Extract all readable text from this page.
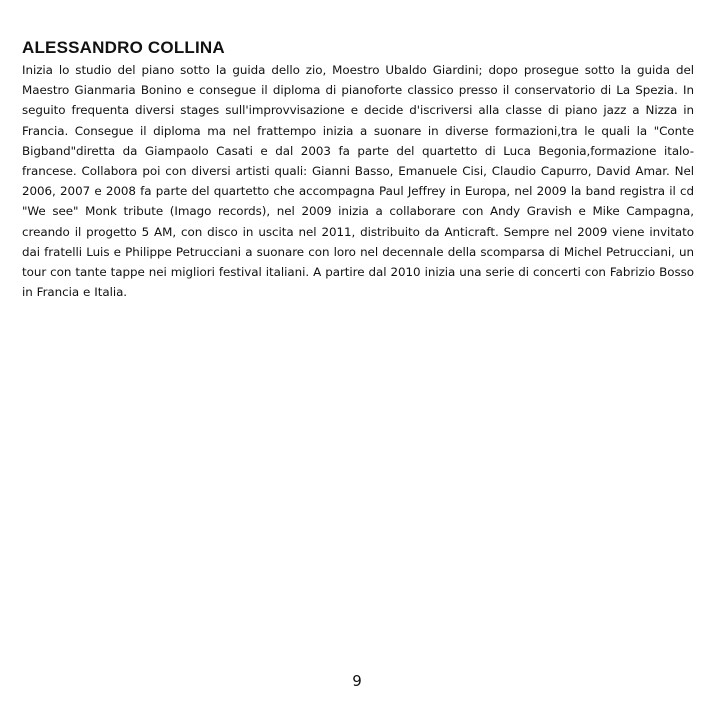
ALESSANDRO COLLINA

Inizia lo studio del piano sotto la guida dello zio, Moestro Ubaldo Giardini; dopo prosegue sotto la guida del Maestro Gianmaria Bonino e consegue il diploma di pianoforte classico presso il conservatorio di La Spezia. In seguito frequenta diversi stages sull'improvvisazione e decide d'iscriversi alla classe di piano jazz a Nizza in Francia. Consegue il diploma ma nel frattempo inizia a suonare in diverse formazioni,tra le quali la "Conte Bigband"diretta da Giampaolo Casati e dal 2003 fa parte del quartetto di Luca Begonia,formazione italo-francese. Collabora poi con diversi artisti quali: Gianni Basso, Emanuele Cisi, Claudio Capurro, David Amar. Nel 2006, 2007 e 2008 fa parte del quartetto che accompagna Paul Jeffrey in Europa, nel 2009 la band registra il cd "We see" Monk tribute (Imago records), nel 2009 inizia a collaborare con Andy Gravish e Mike Campagna, creando il progetto 5 AM, con disco in uscita nel 2011, distribuito da Anticraft. Sempre nel 2009 viene invitato dai fratelli Luis e Philippe Petrucciani a suonare con loro nel decennale della scomparsa di Michel Petrucciani, un tour con tante tappe nei migliori festival italiani. A partire dal 2010 inizia una serie di concerti con Fabrizio Bosso in Francia e Italia.

9
